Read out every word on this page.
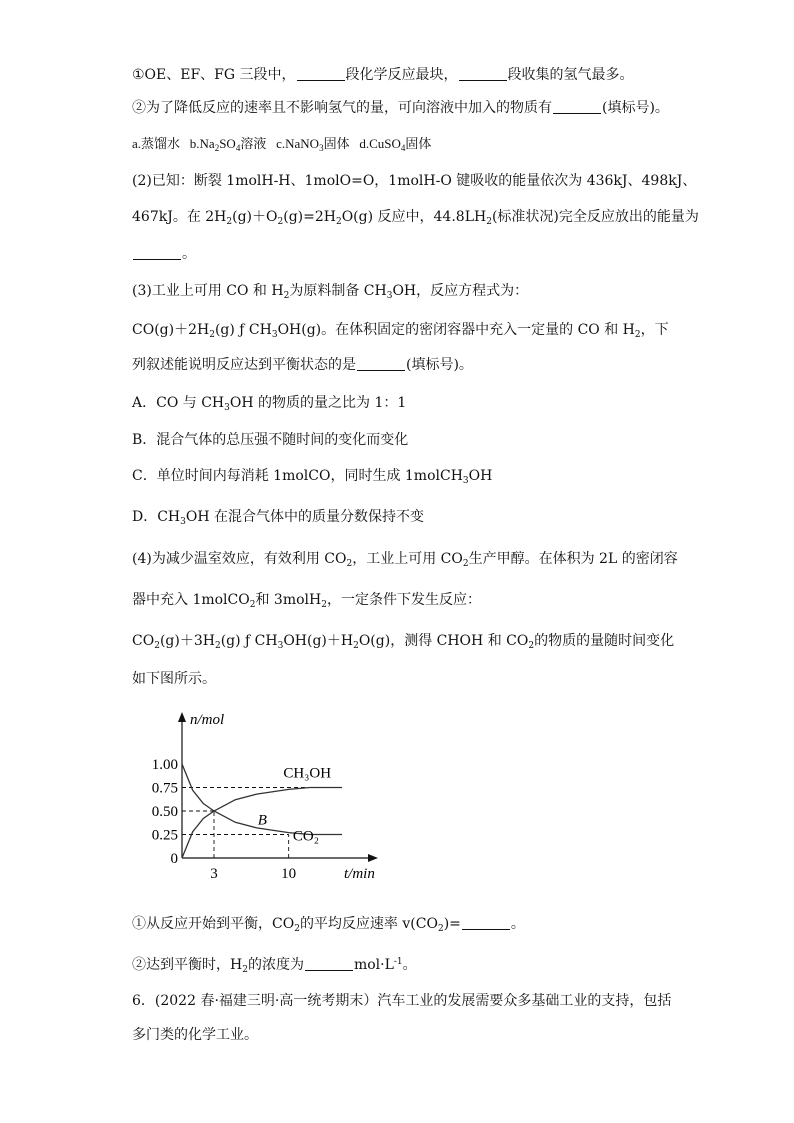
①OE、EF、FG 三段中，	段化学反应最块，	段收集的氢气最多。
②为了降低反应的速率且不影响氢气的量，可向溶液中加入的物质有	(填标号)。
a.蒸馏水 $b.Na_2SO_4$溶液 c.NaNO$_3$固体 d.CuSO$_4$固体
(2)已知：断裂 1molH-H、1molO=O，1molH-O 键吸收的能量依次为 436kJ、498kJ、
467kJ。在 $2H_2(g)+O_2(g)=2H_2O(g)$ 反应中，$44.8LH_2$(标准状况)完全反应放出的能量为
。
(3)工业上可用 CO 和 $H_2$为原料制备 $CH_3OH$，反应方程式为：
$CO(g)+2H_2(g)$ ƒ $CH_3OH(g)$。在体积固定的密闭容器中充入一定量的 CO 和 $H_2$，下
列叙述能说明反应达到平衡状态的是	(填标号)。
A．CO 与 $CH_3OH$ 的物质的量之比为 1：1
B．混合气体的总压强不随时间的变化而变化
C．单位时间内每消耗 1molCO，同时生成 1molCH$_3$OH
D．$CH_3OH$ 在混合气体中的质量分数保持不变
(4)为减少温室效应，有效利用 $CO_2$，工业上可用 $CO_2$生产甲醇。在体积为 2L 的密闭容
器中充入 1molCO$_2$和 3molH$_2$，一定条件下发生反应：
$CO_2(g)+3H_2(g)$ ƒ $CH_3OH(g)+H_2O(g)$，测得 CHOH 和 $CO_2$的物质的量随时间变化
如下图所示。
n/mol
t/min
1.00
0.75
0.50
0.25
0
3	10
CH₃OH
CO₂
B
①从反应开始到平衡，$CO_2$的平均反应速率 $v(CO_2)=$	。
②达到平衡时，$H_2$的浓度为	$mol\cdot L^{-1}$。
6．(2022 春·福建三明·高一统考期末）汽车工业的发展需要众多基础工业的支持，包括
多门类的化学工业。
